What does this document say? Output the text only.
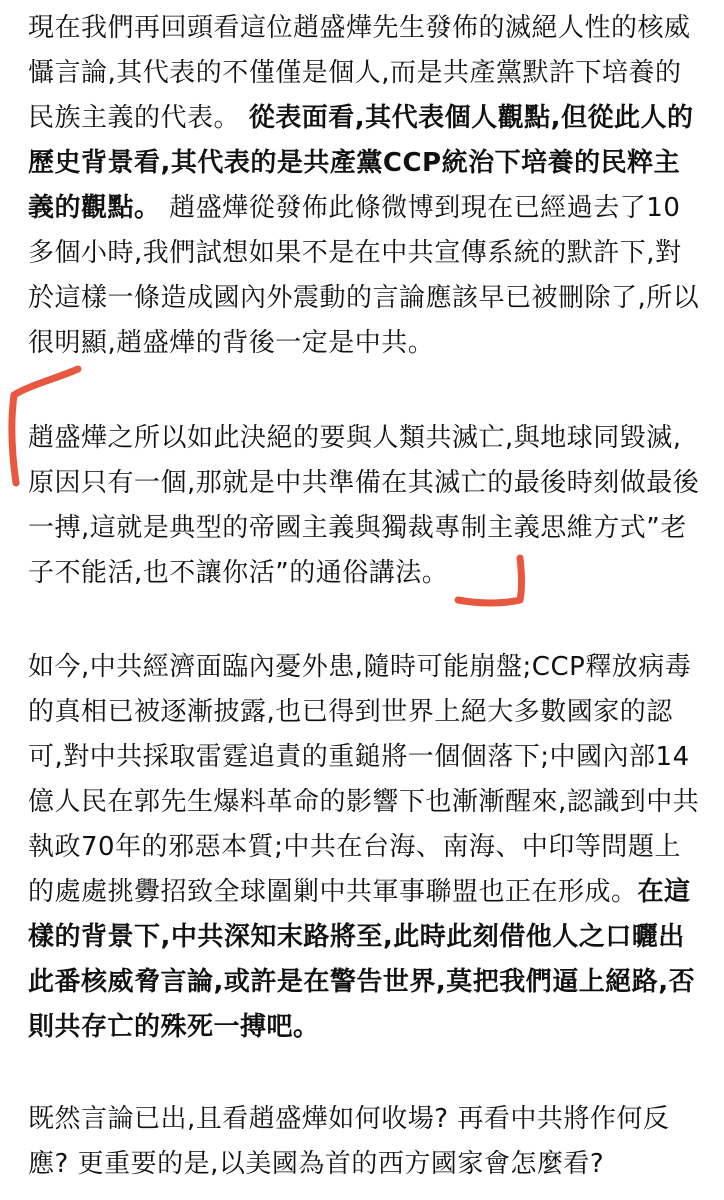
現在我們再回頭看這位趙盛燁先生發佈的滅絕人性的核威懾言論,其代表的不僅僅是個人,而是共產黨默許下培養的民族主義的代表。 從表面看,其代表個人觀點,但從此人的歷史背景看,其代表的是共產黨CCP統治下培養的民粹主義的觀點。 趙盛燁從發佈此條微博到現在已經過去了10多個小時,我們試想如果不是在中共宣傳系統的默許下,對於這樣一條造成國內外震動的言論應該早已被刪除了,所以很明顯,趙盛燁的背後一定是中共。

趙盛燁之所以如此決絕的要與人類共滅亡,與地球同毀滅,原因只有一個,那就是中共準備在其滅亡的最後時刻做最後一搏,這就是典型的帝國主義與獨裁專制主義思維方式”老子不能活,也不讓你活”的通俗講法。

如今,中共經濟面臨內憂外患,隨時可能崩盤;CCP釋放病毒的真相已被逐漸披露,也已得到世界上絕大多數國家的認可,對中共採取雷霆追責的重鎚將一個個落下;中國內部14億人民在郭先生爆料革命的影響下也漸漸醒來,認識到中共執政70年的邪惡本質;中共在台海、南海、中印等問題上的處處挑釁招致全球圍剿中共軍事聯盟也正在形成。在這樣的背景下,中共深知末路將至,此時此刻借他人之口曬出此番核威脅言論,或許是在警告世界,莫把我們逼上絕路,否則共存亡的殊死一搏吧。

既然言論已出,且看趙盛燁如何收場? 再看中共將作何反應? 更重要的是,以美國為首的西方國家會怎麼看?
